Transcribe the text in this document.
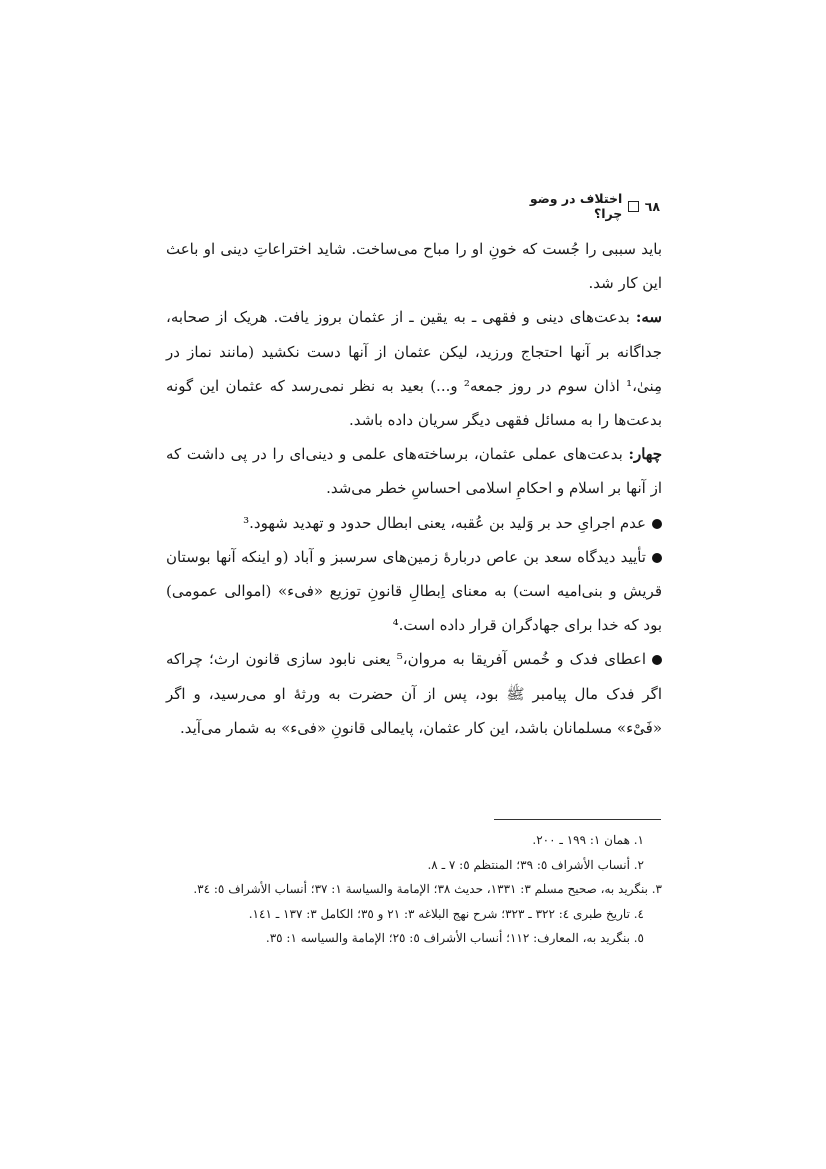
٦٨
اختلاف در وضو چرا؟

باید سببی را جُست که خونِ او را مباح می‌ساخت. شاید اختراعاتِ دینی او باعث این کار شد.

سه: بدعت‌های دینی و فقهی ـ به یقین ـ از عثمان بروز یافت. هریک از صحابه، جداگانه بر آنها احتجاج ورزید، لیکن عثمان از آنها دست نکشید (مانند نماز در مِنیٰ،¹ اذان سوم در روز جمعه² و...) بعید به نظر نمی‌رسد که عثمان این گونه بدعت‌ها را به مسائل فقهی دیگر سریان داده باشد.

چهار: بدعت‌های عملی عثمان، برساخته‌های علمی و دینی‌ای را در پی داشت که از آنها بر اسلام و احکامِ اسلامی احساسِ خطر می‌شد.

عدم اجرایِ حد بر وَلید بن عُقبه، یعنی ابطال حدود و تهدید شهود.³

تأیید دیدگاه سعد بن عاص دربارهٔ زمین‌های سرسبز و آباد (و اینکه آنها بوستان قریش و بنی‌امیه است) به معنای اِبطالِ قانونِ توزیع «فیء» (اموالی عمومی) بود که خدا برای جهادگران قرار داده است.⁴

اعطای فدک و خُمس آفریقا به مروان،⁵ یعنی نابود سازی قانون ارث؛ چراکه اگر فدک مال پیامبر ﷺ بود، پس از آن حضرت به ورثهٔ او می‌رسید، و اگر «فَیْء» مسلمانان باشد، این کار عثمان، پایمالی قانونِ «فیء» به شمار می‌آید.

١. همان ١: ١٩٩ ـ ٢٠٠.
٢. أنساب الأشراف ٥: ٣٩؛ المنتظم ٥: ٧ ـ ٨.
٣. بنگرید به، صحیح مسلم ٣: ١٣٣١، حدیث ٣٨؛ الإمامة والسیاسة ١: ٣٧؛ أنساب الأشراف ٥: ٣٤.
٤. تاریخ طبری ٤: ٣٢٢ ـ ٣٢٣؛ شرح نهج البلاغه ٣: ٢١ و ٣٥؛ الکامل ٣: ١٣٧ ـ ١٤١.
٥. بنگرید به، المعارف: ١١٢؛ أنساب الأشراف ٥: ٢٥؛ الإمامة والسیاسه ١: ٣٥.
